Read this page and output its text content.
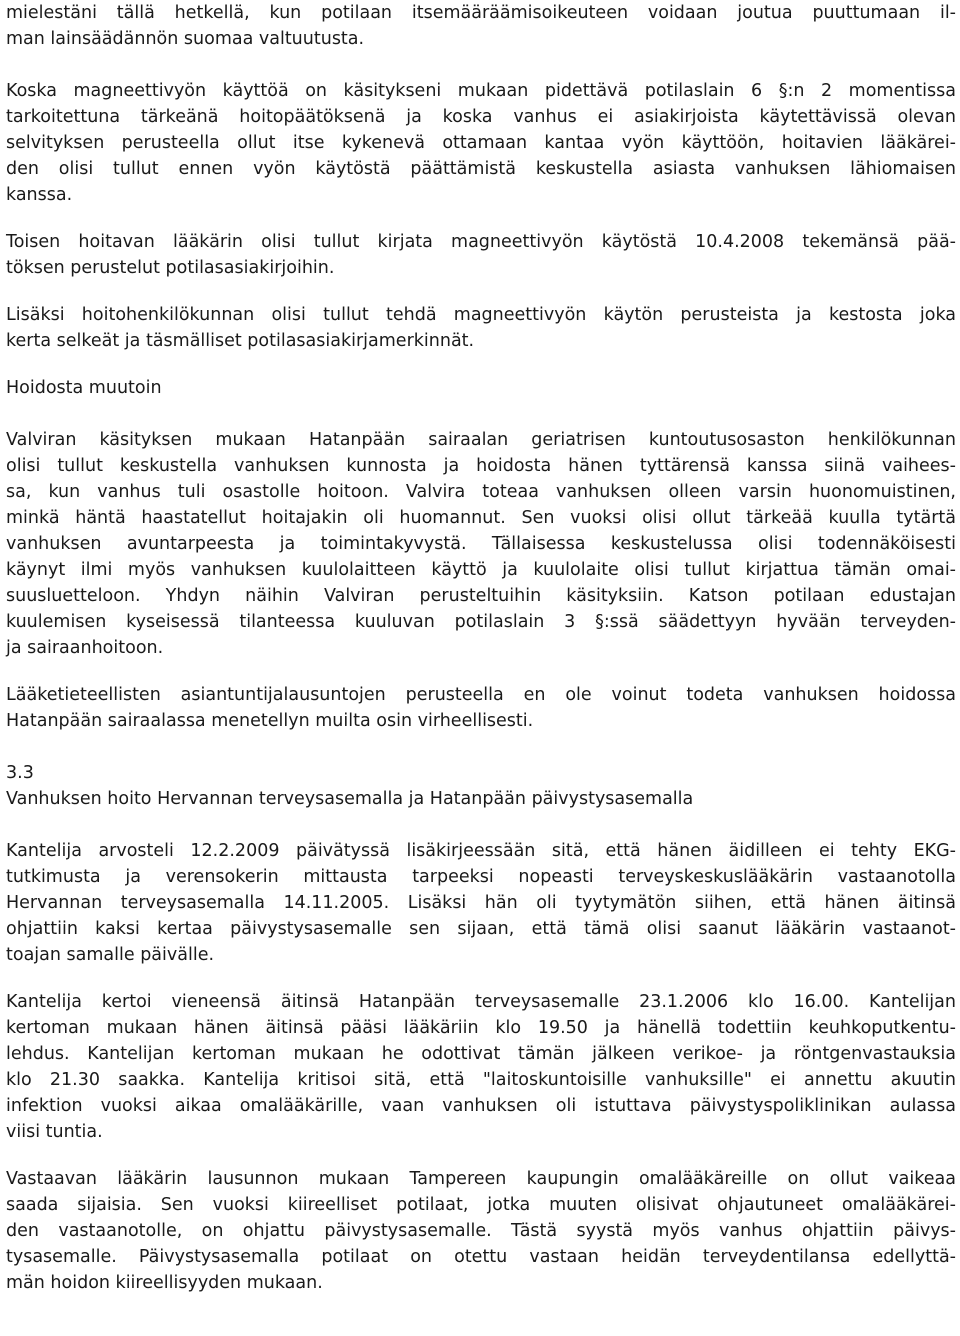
mielestäni tällä hetkellä, kun potilaan itsemääräämisoikeuteen voidaan joutua puuttumaan il-
man lainsäädännön suomaa valtuutusta.
Koska magneettivyön käyttöä on käsitykseni mukaan pidettävä potilaslain 6 §:n 2 momentissa
tarkoitettuna tärkeänä hoitopäätöksenä ja koska vanhus ei asiakirjoista käytettävissä olevan
selvityksen perusteella ollut itse kykenevä ottamaan kantaa vyön käyttöön, hoitavien lääkärei-
den olisi tullut ennen vyön käytöstä päättämistä keskustella asiasta vanhuksen lähiomaisen
kanssa.
Toisen hoitavan lääkärin olisi tullut kirjata magneettivyön käytöstä 10.4.2008 tekemänsä pää-
töksen perustelut potilasasiakirjoihin.
Lisäksi hoitohenkilökunnan olisi tullut tehdä magneettivyön käytön perusteista ja kestosta joka
kerta selkeät ja täsmälliset potilasasiakirjamerkinnät.
Hoidosta muutoin
Valviran käsityksen mukaan Hatanpään sairaalan geriatrisen kuntoutusosaston henkilökunnan
olisi tullut keskustella vanhuksen kunnosta ja hoidosta hänen tyttärensä kanssa siinä vaihees-
sa, kun vanhus tuli osastolle hoitoon. Valvira toteaa vanhuksen olleen varsin huonomuistinen,
minkä häntä haastatellut hoitajakin oli huomannut. Sen vuoksi olisi ollut tärkeää kuulla tytärtä
vanhuksen avuntarpeesta ja toimintakyvystä. Tällaisessa keskustelussa olisi todennäköisesti
käynyt ilmi myös vanhuksen kuulolaitteen käyttö ja kuulolaite olisi tullut kirjattua tämän omai-
suusluetteloon. Yhdyn näihin Valviran perusteltuihin käsityksiin. Katson potilaan edustajan
kuulemisen kyseisessä tilanteessa kuuluvan potilaslain 3 §:ssä säädettyyn hyvään terveyden-
ja sairaanhoitoon.
Lääketieteellisten asiantuntijalausuntojen perusteella en ole voinut todeta vanhuksen hoidossa
Hatanpään sairaalassa menetellyn muilta osin virheellisesti.
3.3
Vanhuksen hoito Hervannan terveysasemalla ja Hatanpään päivystysasemalla
Kantelija arvosteli 12.2.2009 päivätyssä lisäkirjeessään sitä, että hänen äidilleen ei tehty EKG-
tutkimusta ja verensokerin mittausta tarpeeksi nopeasti terveyskeskuslääkärin vastaanotolla
Hervannan terveysasemalla 14.11.2005. Lisäksi hän oli tyytymätön siihen, että hänen äitinsä
ohjattiin kaksi kertaa päivystysasemalle sen sijaan, että tämä olisi saanut lääkärin vastaanot-
toajan samalle päivälle.
Kantelija kertoi vieneensä äitinsä Hatanpään terveysasemalle 23.1.2006 klo 16.00. Kantelijan
kertoman mukaan hänen äitinsä pääsi lääkäriin klo 19.50 ja hänellä todettiin keuhkoputkentu-
lehdus. Kantelijan kertoman mukaan he odottivat tämän jälkeen verikoe- ja röntgenvastauksia
klo 21.30 saakka. Kantelija kritisoi sitä, että "laitoskuntoisille vanhuksille" ei annettu akuutin
infektion vuoksi aikaa omalääkärille, vaan vanhuksen oli istuttava päivystyspoliklinikan aulassa
viisi tuntia.
Vastaavan lääkärin lausunnon mukaan Tampereen kaupungin omalääkäreille on ollut vaikeaa
saada sijaisia. Sen vuoksi kiireelliset potilaat, jotka muuten olisivat ohjautuneet omalääkärei-
den vastaanotolle, on ohjattu päivystysasemalle. Tästä syystä myös vanhus ohjattiin päivys-
tysasemalle. Päivystysasemalla potilaat on otettu vastaan heidän terveydentilansa edellyttä-
män hoidon kiireellisyyden mukaan.
